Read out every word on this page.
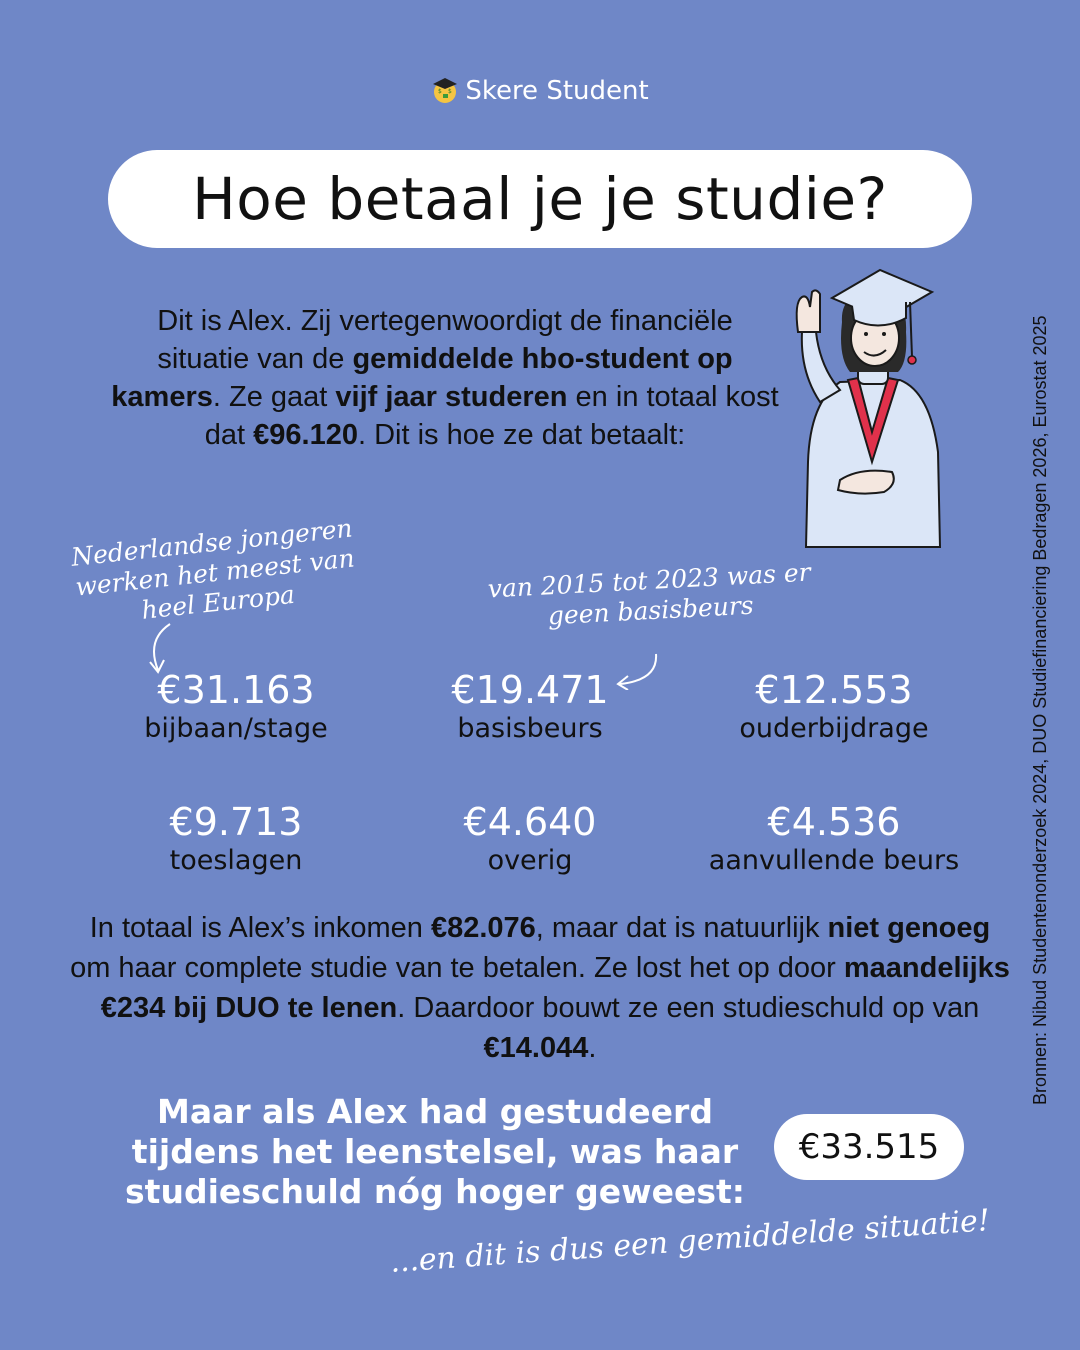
$ $ Skere Student
Hoe betaal je je studie?
Dit is Alex. Zij vertegenwoordigt de financiële situatie van de gemiddelde hbo-student op kamers. Ze gaat vijf jaar studeren en in totaal kost dat €96.120. Dit is hoe ze dat betaalt:
Nederlandse jongeren werken het meest van heel Europa	van 2015 tot 2023 was er geen basisbeurs
€31.163
bijbaan/stage
€19.471
basisbeurs
€12.553
ouderbijdrage
€9.713
toeslagen
€4.640
overig
€4.536
aanvullende beurs
In totaal is Alex’s inkomen €82.076, maar dat is natuurlijk niet genoeg om haar complete studie van te betalen. Ze lost het op door maandelijks €234 bij DUO te lenen. Daardoor bouwt ze een studieschuld op van €14.044.
Maar als Alex had gestudeerd tijdens het leenstelsel, was haar studieschuld nóg hoger geweest:
€33.515
...en dit is dus een gemiddelde situatie!
Bronnen: Nibud Studentenonderzoek 2024, DUO Studiefinanciering Bedragen 2026, Eurostat 2025
